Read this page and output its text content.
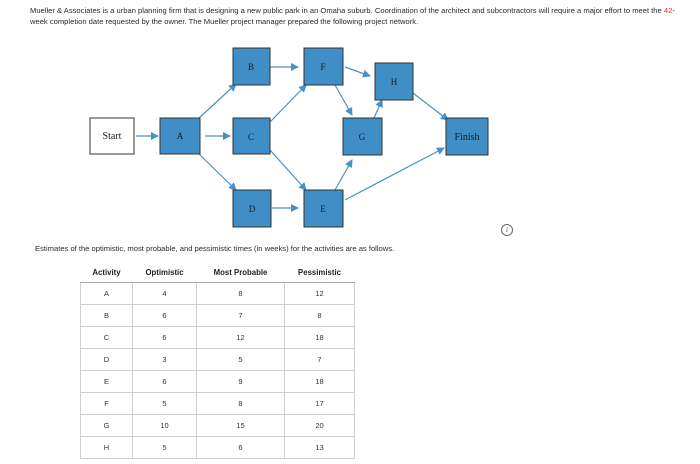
Mueller & Associates is a urban planning firm that is designing a new public park in an Omaha suburb. Coordination of the architect and subcontractors will require a major effort to meet the 42-week completion date requested by the owner. The Mueller project manager prepared the following project network.
Start	A
B
C
D	E
F
G
H
Finish
i
Estimates of the optimistic, most probable, and pessimistic times (in weeks) for the activities are as follows.
Activity	Optimistic	Most Probable	Pessimistic
A	4	8	12
B	6	7	8
C	6	12	18
D	3	5	7
E	6	9	18
F	5	8	17
G	10	15	20
H	5	6	13
